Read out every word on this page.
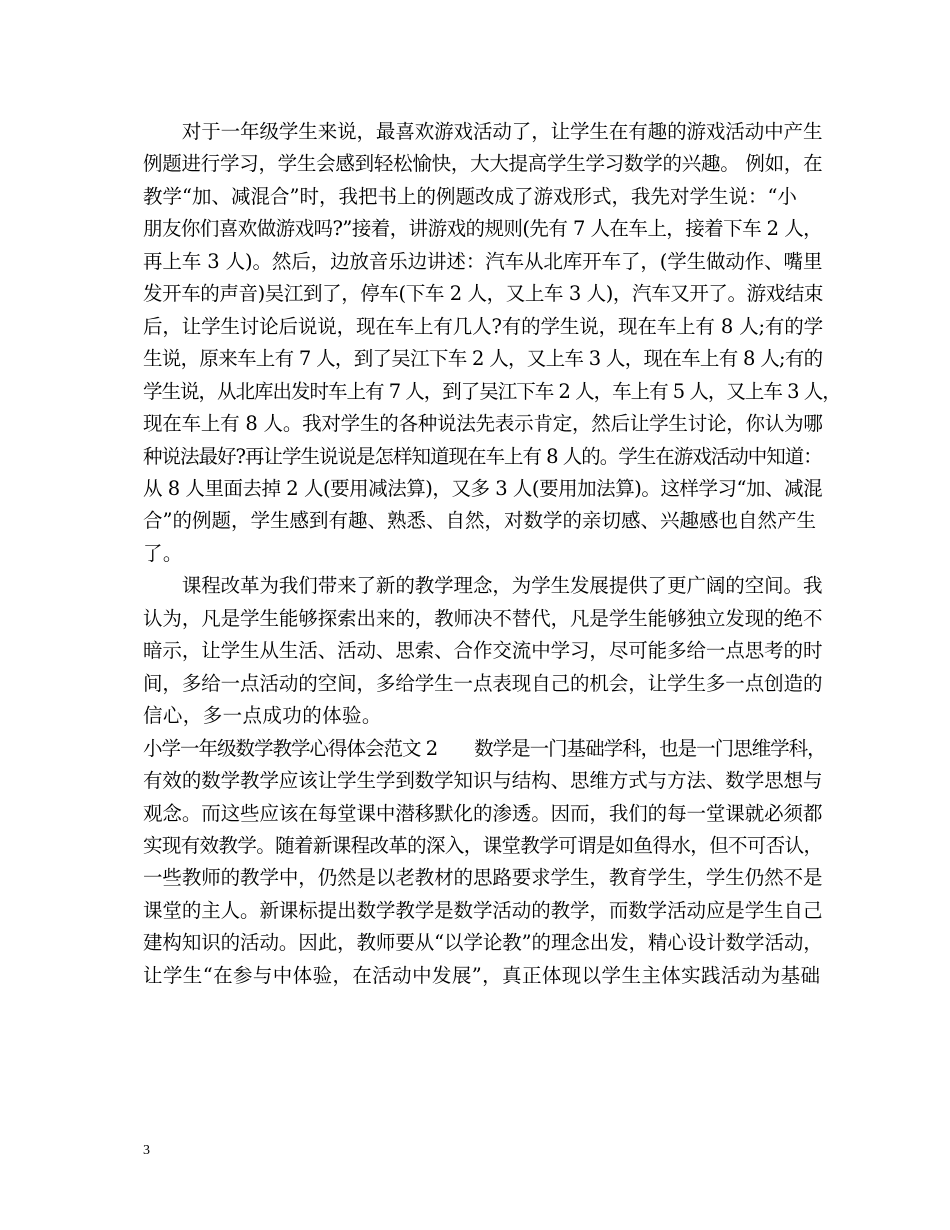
　　对于一年级学生来说，最喜欢游戏活动了，让学生在有趣的游戏活动中产生
例题进行学习，学生会感到轻松愉快，大大提高学生学习数学的兴趣。 例如，在
教学“加、减混合”时，我把书上的例题改成了游戏形式，我先对学生说：“小
朋友你们喜欢做游戏吗?”接着，讲游戏的规则(先有 7 人在车上，接着下车 2 人，
再上车 3 人)。然后，边放音乐边讲述：汽车从北库开车了，(学生做动作、嘴里
发开车的声音)吴江到了，停车(下车 2 人，又上车 3 人)，汽车又开了。游戏结束
后，让学生讨论后说说，现在车上有几人?有的学生说，现在车上有 8 人;有的学
生说，原来车上有 7 人，到了吴江下车 2 人，又上车 3 人，现在车上有 8 人;有的
学生说，从北库出发时车上有 7 人，到了吴江下车 2 人，车上有 5 人，又上车 3 人，
现在车上有 8 人。我对学生的各种说法先表示肯定，然后让学生讨论，你认为哪
种说法最好?再让学生说说是怎样知道现在车上有 8 人的。学生在游戏活动中知道：
从 8 人里面去掉 2 人(要用减法算)，又多 3 人(要用加法算)。这样学习“加、减混
合”的例题，学生感到有趣、熟悉、自然，对数学的亲切感、兴趣感也自然产生
了。
　　课程改革为我们带来了新的教学理念，为学生发展提供了更广阔的空间。我
认为，凡是学生能够探索出来的，教师决不替代，凡是学生能够独立发现的绝不
暗示，让学生从生活、活动、思索、合作交流中学习，尽可能多给一点思考的时
间，多给一点活动的空间，多给学生一点表现自己的机会，让学生多一点创造的
信心，多一点成功的体验。
小学一年级数学教学心得体会范文 2　　数学是一门基础学科，也是一门思维学科，
有效的数学教学应该让学生学到数学知识与结构、思维方式与方法、数学思想与
观念。而这些应该在每堂课中潜移默化的渗透。因而，我们的每一堂课就必须都
实现有效教学。随着新课程改革的深入，课堂教学可谓是如鱼得水，但不可否认，
一些教师的教学中，仍然是以老教材的思路要求学生，教育学生，学生仍然不是
课堂的主人。新课标提出数学教学是数学活动的教学，而数学活动应是学生自己
建构知识的活动。因此，教师要从“以学论教”的理念出发，精心设计数学活动，
让学生“在参与中体验，在活动中发展”，真正体现以学生主体实践活动为基础
3
